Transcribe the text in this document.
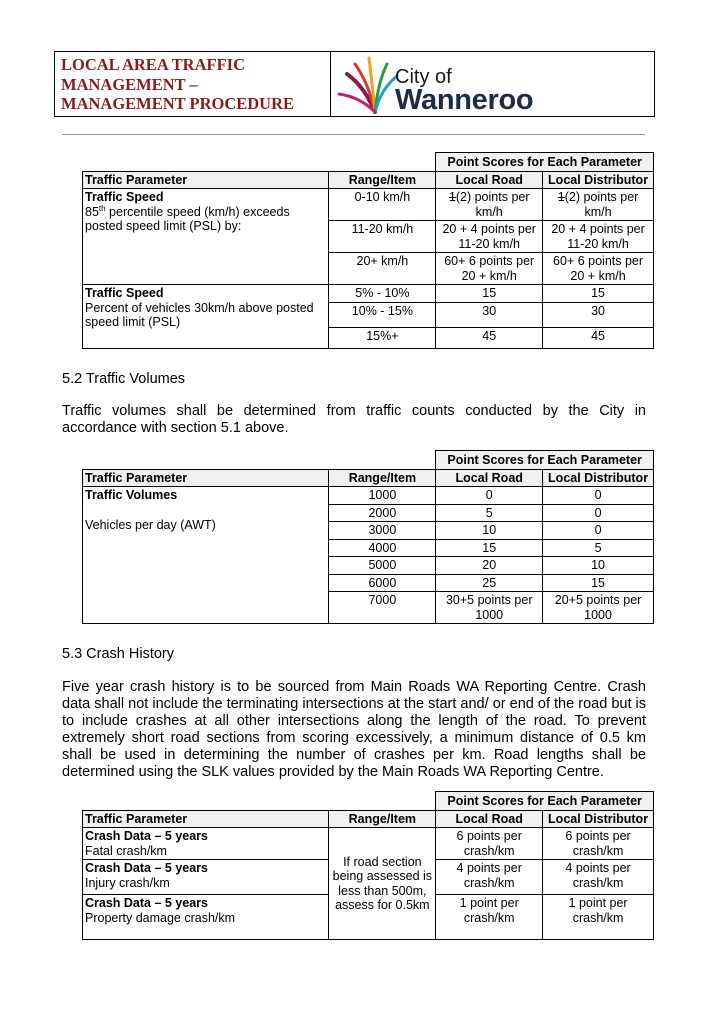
LOCAL AREA TRAFFIC
MANAGEMENT –
MANAGEMENT PROCEDURE
City of
Wanneroo
		Point Scores for Each Parameter	
Traffic Parameter	Range/Item	Local Road	Local Distributor

Traffic Speed
85th percentile speed (km/h) exceeds posted speed limit (PSL) by:	0-10 km/h	1(2) points per km/h	1(2) points per km/h
	11-20 km/h	20 + 4 points per 11-20 km/h	20 + 4 points per 11-20 km/h
	20+ km/h	60+ 6 points per 20 + km/h	60+ 6 points per 20 + km/h

Traffic Speed
Percent of vehicles 30km/h above posted speed limit (PSL)	5% - 10%	15	15
	10% - 15%	30	30
	15%+	45	45
5.2 Traffic Volumes
Traffic volumes shall be determined from traffic counts conducted by the City in accordance with section 5.1 above.
		Point Scores for Each Parameter	
Traffic Parameter	Range/Item	Local Road	Local Distributor

Traffic Volumes
Vehicles per day (AWT)	1000	0	0
	2000	5	0
	3000	10	0
	4000	15	5
	5000	20	10
	6000	25	15
	7000	30+5 points per 1000	20+5 points per 1000
5.3 Crash History
Five year crash history is to be sourced from Main Roads WA Reporting Centre. Crash data shall not include the terminating intersections at the start and/ or end of the road but is to include crashes at all other intersections along the length of the road. To prevent extremely short road sections from scoring excessively, a minimum distance of 0.5 km shall be used in determining the number of crashes per km. Road lengths shall be determined using the SLK values provided by the Main Roads WA Reporting Centre.
		Point Scores for Each Parameter	
Traffic Parameter	Range/Item	Local Road	Local Distributor

Crash Data – 5 years
Fatal crash/km	If road section being assessed is less than 500m, assess for 0.5km	6 points per crash/km	6 points per crash/km

Crash Data – 5 years
Injury crash/km		4 points per crash/km	4 points per crash/km

Crash Data – 5 years
Property damage crash/km		1 point per crash/km	1 point per crash/km
